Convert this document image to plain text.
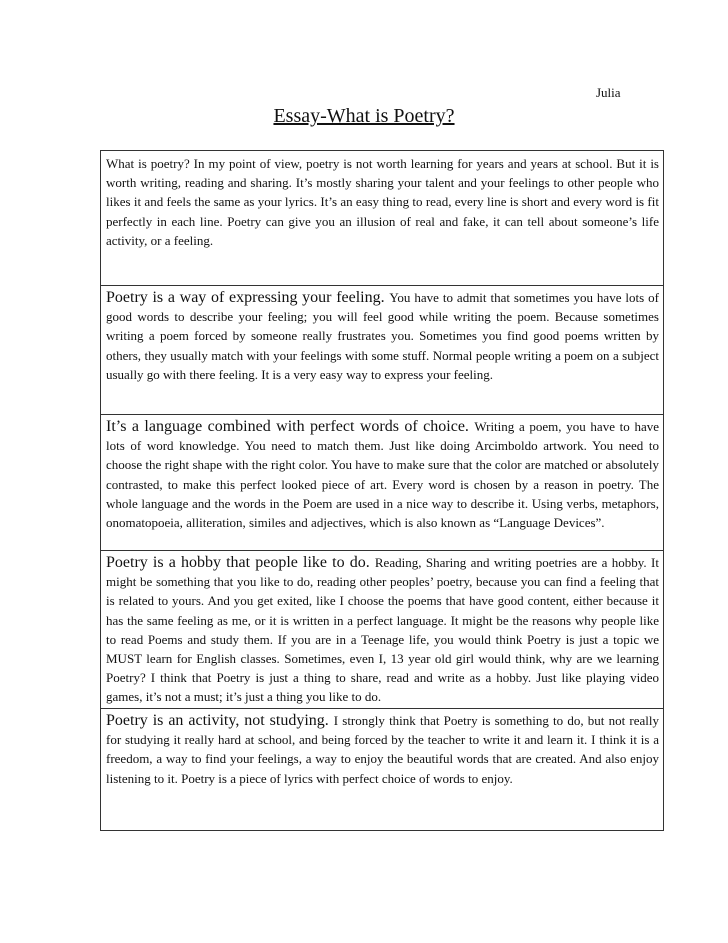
Julia
Essay-What is Poetry?
What is poetry? In my point of view, poetry is not worth learning for years and years at school. But it is worth writing, reading and sharing. It’s mostly sharing your talent and your feelings to other people who likes it and feels the same as your lyrics. It’s an easy thing to read, every line is short and every word is fit perfectly in each line. Poetry can give you an illusion of real and fake, it can tell about someone’s life activity, or a feeling.
Poetry is a way of expressing your feeling. You have to admit that sometimes you have lots of good words to describe your feeling; you will feel good while writing the poem. Because sometimes writing a poem forced by someone really frustrates you. Sometimes you find good poems written by others, they usually match with your feelings with some stuff. Normal people writing a poem on a subject usually go with there feeling. It is a very easy way to express your feeling.
It’s a language combined with perfect words of choice. Writing a poem, you have to have lots of word knowledge. You need to match them. Just like doing Arcimboldo artwork. You need to choose the right shape with the right color. You have to make sure that the color are matched or absolutely contrasted, to make this perfect looked piece of art. Every word is chosen by a reason in poetry. The whole language and the words in the Poem are used in a nice way to describe it. Using verbs, metaphors, onomatopoeia, alliteration, similes and adjectives, which is also known as “Language Devices”.
Poetry is a hobby that people like to do. Reading, Sharing and writing poetries are a hobby. It might be something that you like to do, reading other peoples’ poetry, because you can find a feeling that is related to yours. And you get exited, like I choose the poems that have good content, either because it has the same feeling as me, or it is written in a perfect language. It might be the reasons why people like to read Poems and study them. If you are in a Teenage life, you would think Poetry is just a topic we MUST learn for English classes. Sometimes, even I, 13 year old girl would think, why are we learning Poetry? I think that Poetry is just a thing to share, read and write as a hobby. Just like playing video games, it’s not a must; it’s just a thing you like to do.
Poetry is an activity, not studying. I strongly think that Poetry is something to do, but not really for studying it really hard at school, and being forced by the teacher to write it and learn it. I think it is a freedom, a way to find your feelings, a way to enjoy the beautiful words that are created. And also enjoy listening to it. Poetry is a piece of lyrics with perfect choice of words to enjoy.
